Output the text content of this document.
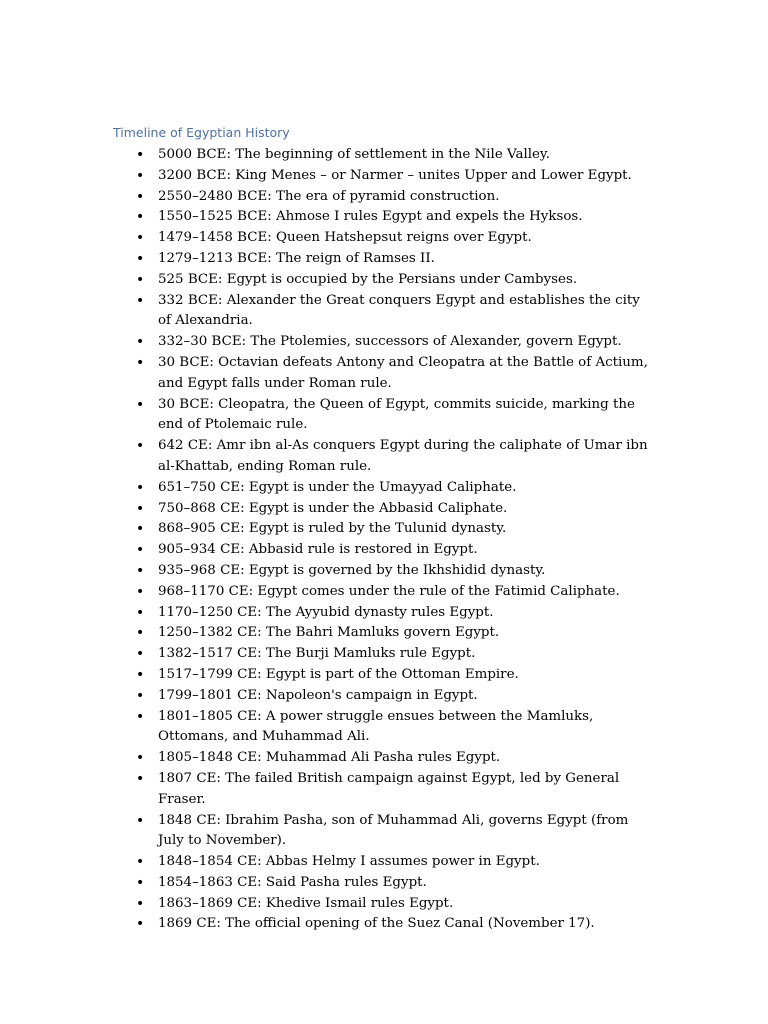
Timeline of Egyptian History
• 5000 BCE: The beginning of settlement in the Nile Valley.
• 3200 BCE: King Menes – or Narmer – unites Upper and Lower Egypt.
• 2550–2480 BCE: The era of pyramid construction.
• 1550–1525 BCE: Ahmose I rules Egypt and expels the Hyksos.
• 1479–1458 BCE: Queen Hatshepsut reigns over Egypt.
• 1279–1213 BCE: The reign of Ramses II.
• 525 BCE: Egypt is occupied by the Persians under Cambyses.
• 332 BCE: Alexander the Great conquers Egypt and establishes the city of Alexandria.
• 332–30 BCE: The Ptolemies, successors of Alexander, govern Egypt.
• 30 BCE: Octavian defeats Antony and Cleopatra at the Battle of Actium, and Egypt falls under Roman rule.
• 30 BCE: Cleopatra, the Queen of Egypt, commits suicide, marking the end of Ptolemaic rule.
• 642 CE: Amr ibn al-As conquers Egypt during the caliphate of Umar ibn al-Khattab, ending Roman rule.
• 651–750 CE: Egypt is under the Umayyad Caliphate.
• 750–868 CE: Egypt is under the Abbasid Caliphate.
• 868–905 CE: Egypt is ruled by the Tulunid dynasty.
• 905–934 CE: Abbasid rule is restored in Egypt.
• 935–968 CE: Egypt is governed by the Ikhshidid dynasty.
• 968–1170 CE: Egypt comes under the rule of the Fatimid Caliphate.
• 1170–1250 CE: The Ayyubid dynasty rules Egypt.
• 1250–1382 CE: The Bahri Mamluks govern Egypt.
• 1382–1517 CE: The Burji Mamluks rule Egypt.
• 1517–1799 CE: Egypt is part of the Ottoman Empire.
• 1799–1801 CE: Napoleon's campaign in Egypt.
• 1801–1805 CE: A power struggle ensues between the Mamluks, Ottomans, and Muhammad Ali.
• 1805–1848 CE: Muhammad Ali Pasha rules Egypt.
• 1807 CE: The failed British campaign against Egypt, led by General Fraser.
• 1848 CE: Ibrahim Pasha, son of Muhammad Ali, governs Egypt (from July to November).
• 1848–1854 CE: Abbas Helmy I assumes power in Egypt.
• 1854–1863 CE: Said Pasha rules Egypt.
• 1863–1869 CE: Khedive Ismail rules Egypt.
• 1869 CE: The official opening of the Suez Canal (November 17).
